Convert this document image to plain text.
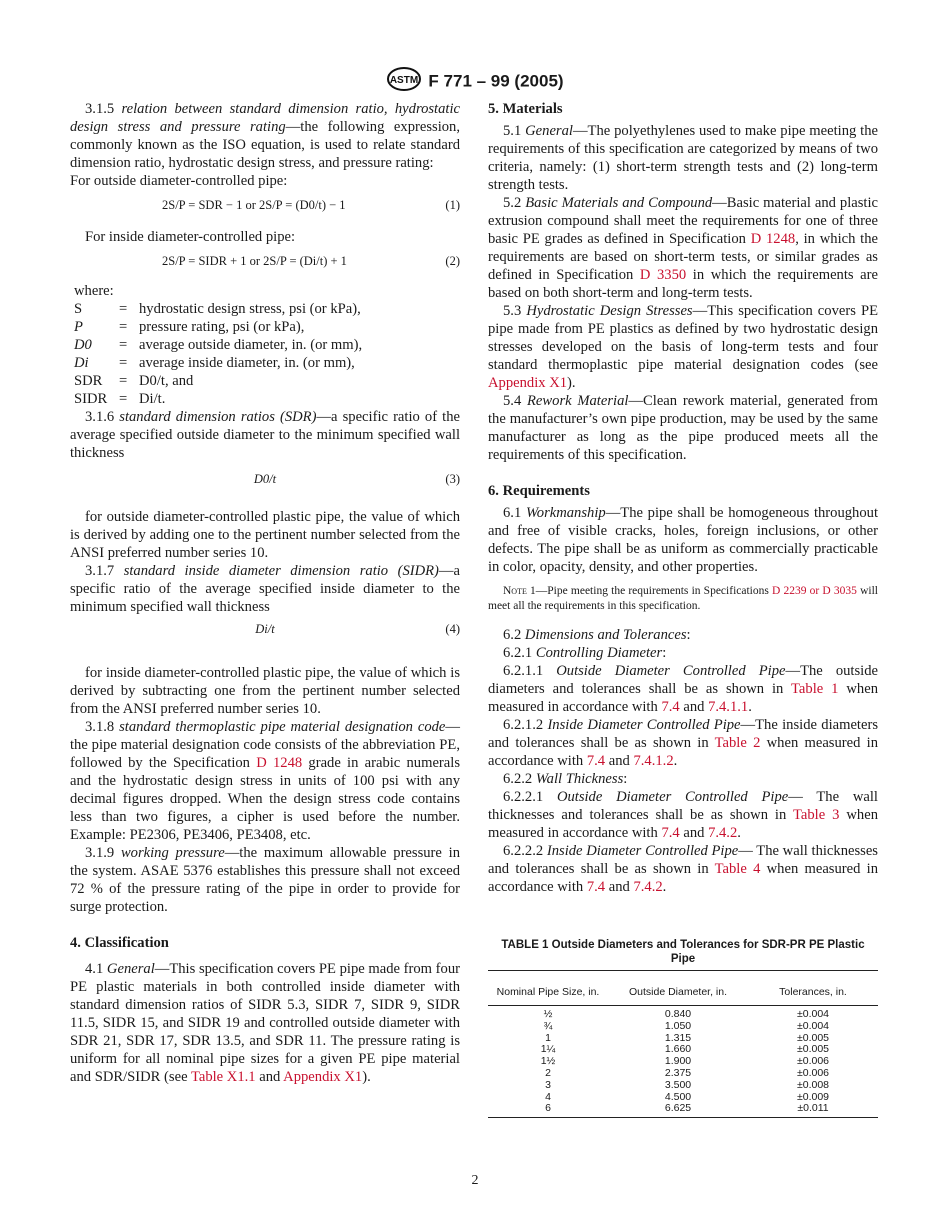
ASTM F 771 – 99 (2005)

3.1.5 relation between standard dimension ratio, hydrostatic design stress and pressure rating—the following expression, commonly known as the ISO equation, is used to relate standard dimension ratio, hydrostatic design stress, and pressure rating:

For outside diameter-controlled pipe:

2S/P = SDR − 1 or 2S/P = (D0/t) − 1	(1)

For inside diameter-controlled pipe:

2S/P = SIDR + 1 or 2S/P = (Di/t) + 1	(2)
where:
S	= hydrostatic design stress, psi (or kPa),
P	= pressure rating, psi (or kPa),
D0	= average outside diameter, in. (or mm),
Di	= average inside diameter, in. (or mm),
SDR	= D0/t, and
SIDR = Di/t.

3.1.6 standard dimension ratios (SDR)—a specific ratio of the average specified outside diameter to the minimum specified wall thickness

D0/t	(3)

for outside diameter-controlled plastic pipe, the value of which is derived by adding one to the pertinent number selected from the ANSI preferred number series 10.

3.1.7 standard inside diameter dimension ratio (SIDR)—a specific ratio of the average specified inside diameter to the minimum specified wall thickness

Di/t	(4)

for inside diameter-controlled plastic pipe, the value of which is derived by subtracting one from the pertinent number selected from the ANSI preferred number series 10.

3.1.8 standard thermoplastic pipe material designation code—the pipe material designation code consists of the abbreviation PE, followed by the Specification D 1248 grade in arabic numerals and the hydrostatic design stress in units of 100 psi with any decimal figures dropped. When the design stress code contains less than two figures, a cipher is used before the number. Example: PE2306, PE3406, PE3408, etc.

3.1.9 working pressure—the maximum allowable pressure in the system. ASAE 5376 establishes this pressure shall not exceed 72 % of the pressure rating of the pipe in order to provide for surge protection.

4. Classification

4.1 General—This specification covers PE pipe made from four PE plastic materials in both controlled inside diameter with standard dimension ratios of SIDR 5.3, SIDR 7, SIDR 9, SIDR 11.5, SIDR 15, and SIDR 19 and controlled outside diameter with SDR 21, SDR 17, SDR 13.5, and SDR 11. The pressure rating is uniform for all nominal pipe sizes for a given PE pipe material and SDR/SIDR (see Table X1.1 and Appendix X1).

5. Materials

5.1 General—The polyethylenes used to make pipe meeting the requirements of this specification are categorized by means of two criteria, namely: (1) short-term strength tests and (2) long-term strength tests.

5.2 Basic Materials and Compound—Basic material and plastic extrusion compound shall meet the requirements for one of three basic PE grades as defined in Specification D 1248, in which the requirements are based on short-term tests, or similar grades as defined in Specification D 3350 in which the requirements are based on both short-term and long-term tests.

5.3 Hydrostatic Design Stresses—This specification covers PE pipe made from PE plastics as defined by two hydrostatic design stresses developed on the basis of long-term tests and four standard thermoplastic pipe material designation codes (see Appendix X1).

5.4 Rework Material—Clean rework material, generated from the manufacturer’s own pipe production, may be used by the same manufacturer as long as the pipe produced meets all the requirements of this specification.

6. Requirements

6.1 Workmanship—The pipe shall be homogeneous throughout and free of visible cracks, holes, foreign inclusions, or other defects. The pipe shall be as uniform as commercially practicable in color, opacity, density, and other properties.

Note 1—Pipe meeting the requirements in Specifications D 2239 or D 3035 will meet all the requirements in this specification.

6.2 Dimensions and Tolerances:

6.2.1 Controlling Diameter:

6.2.1.1 Outside Diameter Controlled Pipe—The outside diameters and tolerances shall be as shown in Table 1 when measured in accordance with 7.4 and 7.4.1.1.

6.2.1.2 Inside Diameter Controlled Pipe—The inside diameters and tolerances shall be as shown in Table 2 when measured in accordance with 7.4 and 7.4.1.2.

6.2.2 Wall Thickness:

6.2.2.1 Outside Diameter Controlled Pipe— The wall thicknesses and tolerances shall be as shown in Table 3 when measured in accordance with 7.4 and 7.4.2.

6.2.2.2 Inside Diameter Controlled Pipe— The wall thicknesses and tolerances shall be as shown in Table 4 when measured in accordance with 7.4 and 7.4.2.

TABLE 1 Outside Diameters and Tolerances for SDR-PR PE Plastic Pipe
Nominal Pipe Size, in.	Outside Diameter, in.	Tolerances, in.
½	0.840	±0.004
¾	1.050	±0.004
1	1.315	±0.005
1¼	1.660	±0.005
1½	1.900	±0.006
2	2.375	±0.006
3	3.500	±0.008
4	4.500	±0.009
6	6.625	±0.011
2
